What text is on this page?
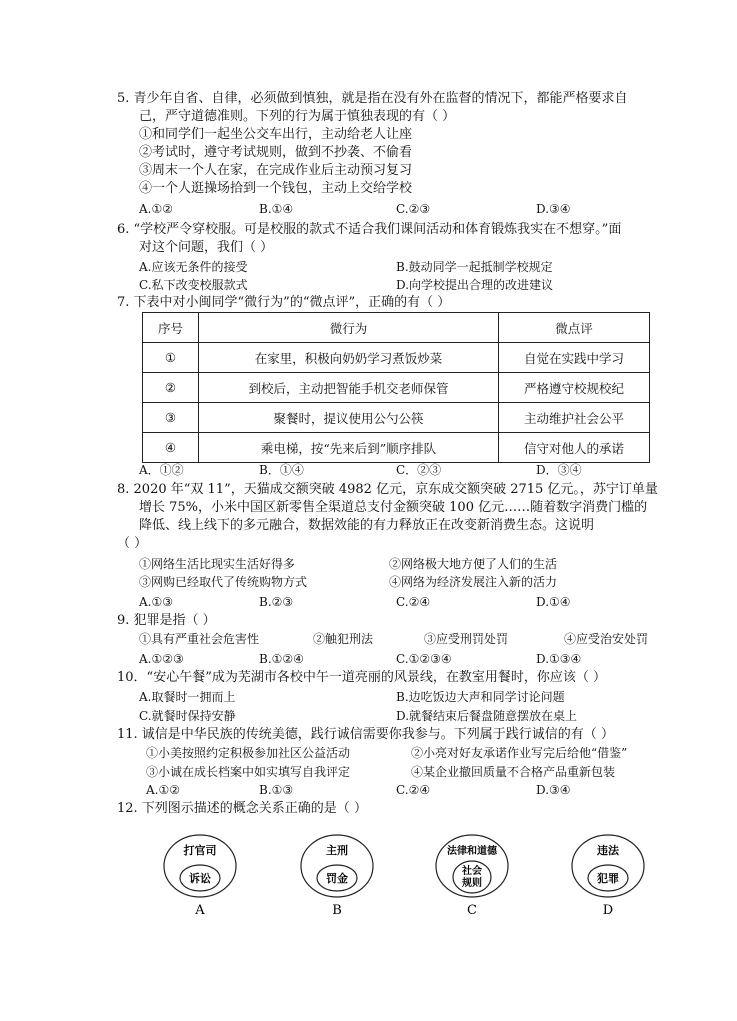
5. 青少年自省、自律，必须做到慎独，就是指在没有外在监督的情况下，都能严格要求自
己，严守道德准则。下列的行为属于慎独表现的有（ ）
①和同学们一起坐公交车出行，主动给老人让座
②考试时，遵守考试规则，做到不抄袭、不偷看
③周末一个人在家，在完成作业后主动预习复习
④一个人逛操场拾到一个钱包，主动上交给学校
A.①②	B.①④	C.②③	D.③④
6. “学校严令穿校服。可是校服的款式不适合我们课间活动和体育锻炼我实在不想穿。”面
对这个问题，我们（ ）
A.应该无条件的接受	B.鼓动同学一起抵制学校规定
C.私下改变校服款式	D.向学校提出合理的改进建议
7. 下表中对小闽同学“微行为”的“微点评”，正确的有（ ）
序号	微行为	微点评
①	在家里，积极向奶奶学习煮饭炒菜	自觉在实践中学习
②	到校后，主动把智能手机交老师保管	严格遵守校规校纪
③	聚餐时，提议使用公勺公筷	主动维护社会公平
④	乘电梯，按“先来后到”顺序排队	信守对他人的承诺
A．①②	B．①④	C．②③	D．③④
8. 2020 年“双 11”，天猫成交额突破 4982 亿元，京东成交额突破 2715 亿元。，苏宁订单量
增长 75%，小米中国区新零售全渠道总支付金额突破 100 亿元……随着数字消费门槛的
降低、线上线下的多元融合，数据效能的有力释放正在改变新消费生态。这说明
（ ）
①网络生活比现实生活好得多	②网络极大地方便了人们的生活
③网购已经取代了传统购物方式	④网络为经济发展注入新的活力
A.①③	B.②③	C.②④	D.①④
9. 犯罪是指（ ）
①具有严重社会危害性	②触犯刑法	③应受刑罚处罚	④应受治安处罚
A.①②③	B.①②④	C.①②③④	D.①③④
10．“安心午餐”成为芜湖市各校中午一道亮丽的风景线，在教室用餐时，你应该（ ）
A.取餐时一拥而上	B.边吃饭边大声和同学讨论问题
C.就餐时保持安静	D.就餐结束后餐盘随意摆放在桌上
11. 诚信是中华民族的传统美德，践行诚信需要你我参与。下列属于践行诚信的有（ ）
①小美按照约定积极参加社区公益活动	②小亮对好友承诺作业写完后给他“借鉴”
③小诚在成长档案中如实填写自我评定	④某企业撤回质量不合格产品重新包装
A.①②	B.①③	C.②④	D.③④
12. 下列图示描述的概念关系正确的是（ ）
打官司
诉讼
A
主刑
罚金
B
法律和道德
社会
规则
C
违法
犯罪
D
